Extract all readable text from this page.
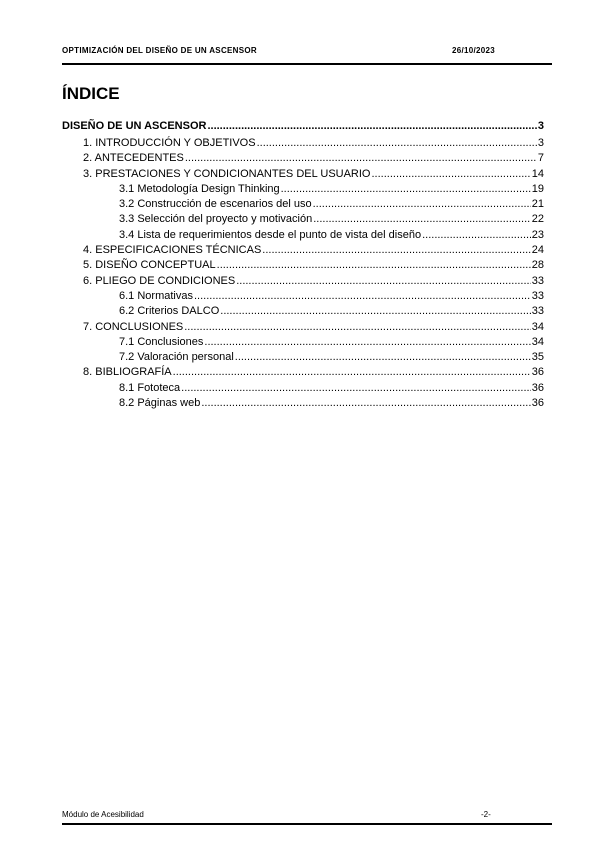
OPTIMIZACIÓN DEL DISEÑO DE UN ASCENSOR	26/10/2023
ÍNDICE
DISEÑO DE UN ASCENSOR .....	3
1. INTRODUCCIÓN Y OBJETIVOS .....	3
2. ANTECEDENTES .....	7
3. PRESTACIONES Y CONDICIONANTES DEL USUARIO .....	14
3.1 Metodología Design Thinking .....	19
3.2 Construcción de escenarios del uso .....	21
3.3 Selección del proyecto y motivación .....	22
3.4 Lista de requerimientos desde el punto de vista del diseño .....	23
4. ESPECIFICACIONES TÉCNICAS .....	24
5. DISEÑO CONCEPTUAL .....	28
6. PLIEGO DE CONDICIONES .....	33
6.1 Normativas .....	33
6.2 Criterios DALCO .....	33
7. CONCLUSIONES .....	34
7.1 Conclusiones .....	34
7.2 Valoración personal .....	35
8. BIBLIOGRAFÍA .....	36
8.1 Fototeca .....	36
8.2 Páginas web .....	36
Módulo de Acesibilidad	-2-
